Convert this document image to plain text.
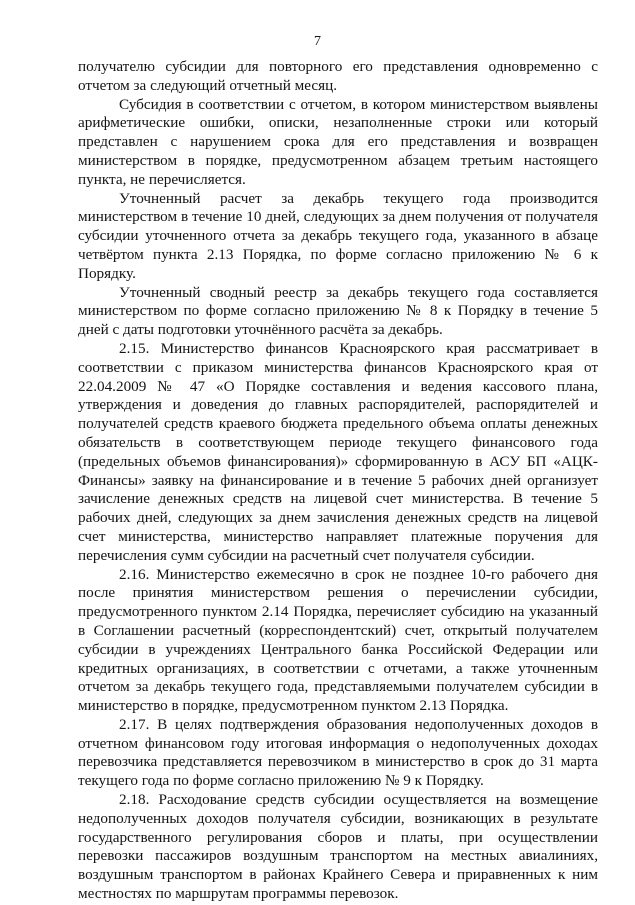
7

получателю субсидии для повторного его представления одновременно с отчетом за следующий отчетный месяц.

Субсидия в соответствии с отчетом, в котором министерством выявлены арифметические ошибки, описки, незаполненные строки или который представлен с нарушением срока для его представления и возвращен министерством в порядке, предусмотренном абзацем третьим настоящего пункта, не перечисляется.

Уточненный расчет за декабрь текущего года производится министерством в течение 10 дней, следующих за днем получения от получателя субсидии уточненного отчета за декабрь текущего года, указанного в абзаце четвёртом пункта 2.13 Порядка, по форме согласно приложению № 6 к Порядку.

Уточненный сводный реестр за декабрь текущего года составляется министерством по форме согласно приложению № 8 к Порядку в течение 5 дней с даты подготовки уточнённого расчёта за декабрь.

2.15. Министерство финансов Красноярского края рассматривает в соответствии с приказом министерства финансов Красноярского края от 22.04.2009 № 47 «О Порядке составления и ведения кассового плана, утверждения и доведения до главных распорядителей, распорядителей и получателей средств краевого бюджета предельного объема оплаты денежных обязательств в соответствующем периоде текущего финансового года (предельных объемов финансирования)» сформированную в АСУ БП «АЦК-Финансы» заявку на финансирование и в течение 5 рабочих дней организует зачисление денежных средств на лицевой счет министерства. В течение 5 рабочих дней, следующих за днем зачисления денежных средств на лицевой счет министерства, министерство направляет платежные поручения для перечисления сумм субсидии на расчетный счет получателя субсидии.

2.16. Министерство ежемесячно в срок не позднее 10-го рабочего дня после принятия министерством решения о перечислении субсидии, предусмотренного пунктом 2.14 Порядка, перечисляет субсидию на указанный в Соглашении расчетный (корреспондентский) счет, открытый получателем субсидии в учреждениях Центрального банка Российской Федерации или кредитных организациях, в соответствии с отчетами, а также уточненным отчетом за декабрь текущего года, представляемыми получателем субсидии в министерство в порядке, предусмотренном пунктом 2.13 Порядка.

2.17. В целях подтверждения образования недополученных доходов в отчетном финансовом году итоговая информация о недополученных доходах перевозчика представляется перевозчиком в министерство в срок до 31 марта текущего года по форме согласно приложению № 9 к Порядку.

2.18. Расходование средств субсидии осуществляется на возмещение недополученных доходов получателя субсидии, возникающих в результате государственного регулирования сборов и платы, при осуществлении перевозки пассажиров воздушным транспортом на местных авиалиниях, воздушным транспортом в районах Крайнего Севера и приравненных к ним местностях по маршрутам программы перевозок.
